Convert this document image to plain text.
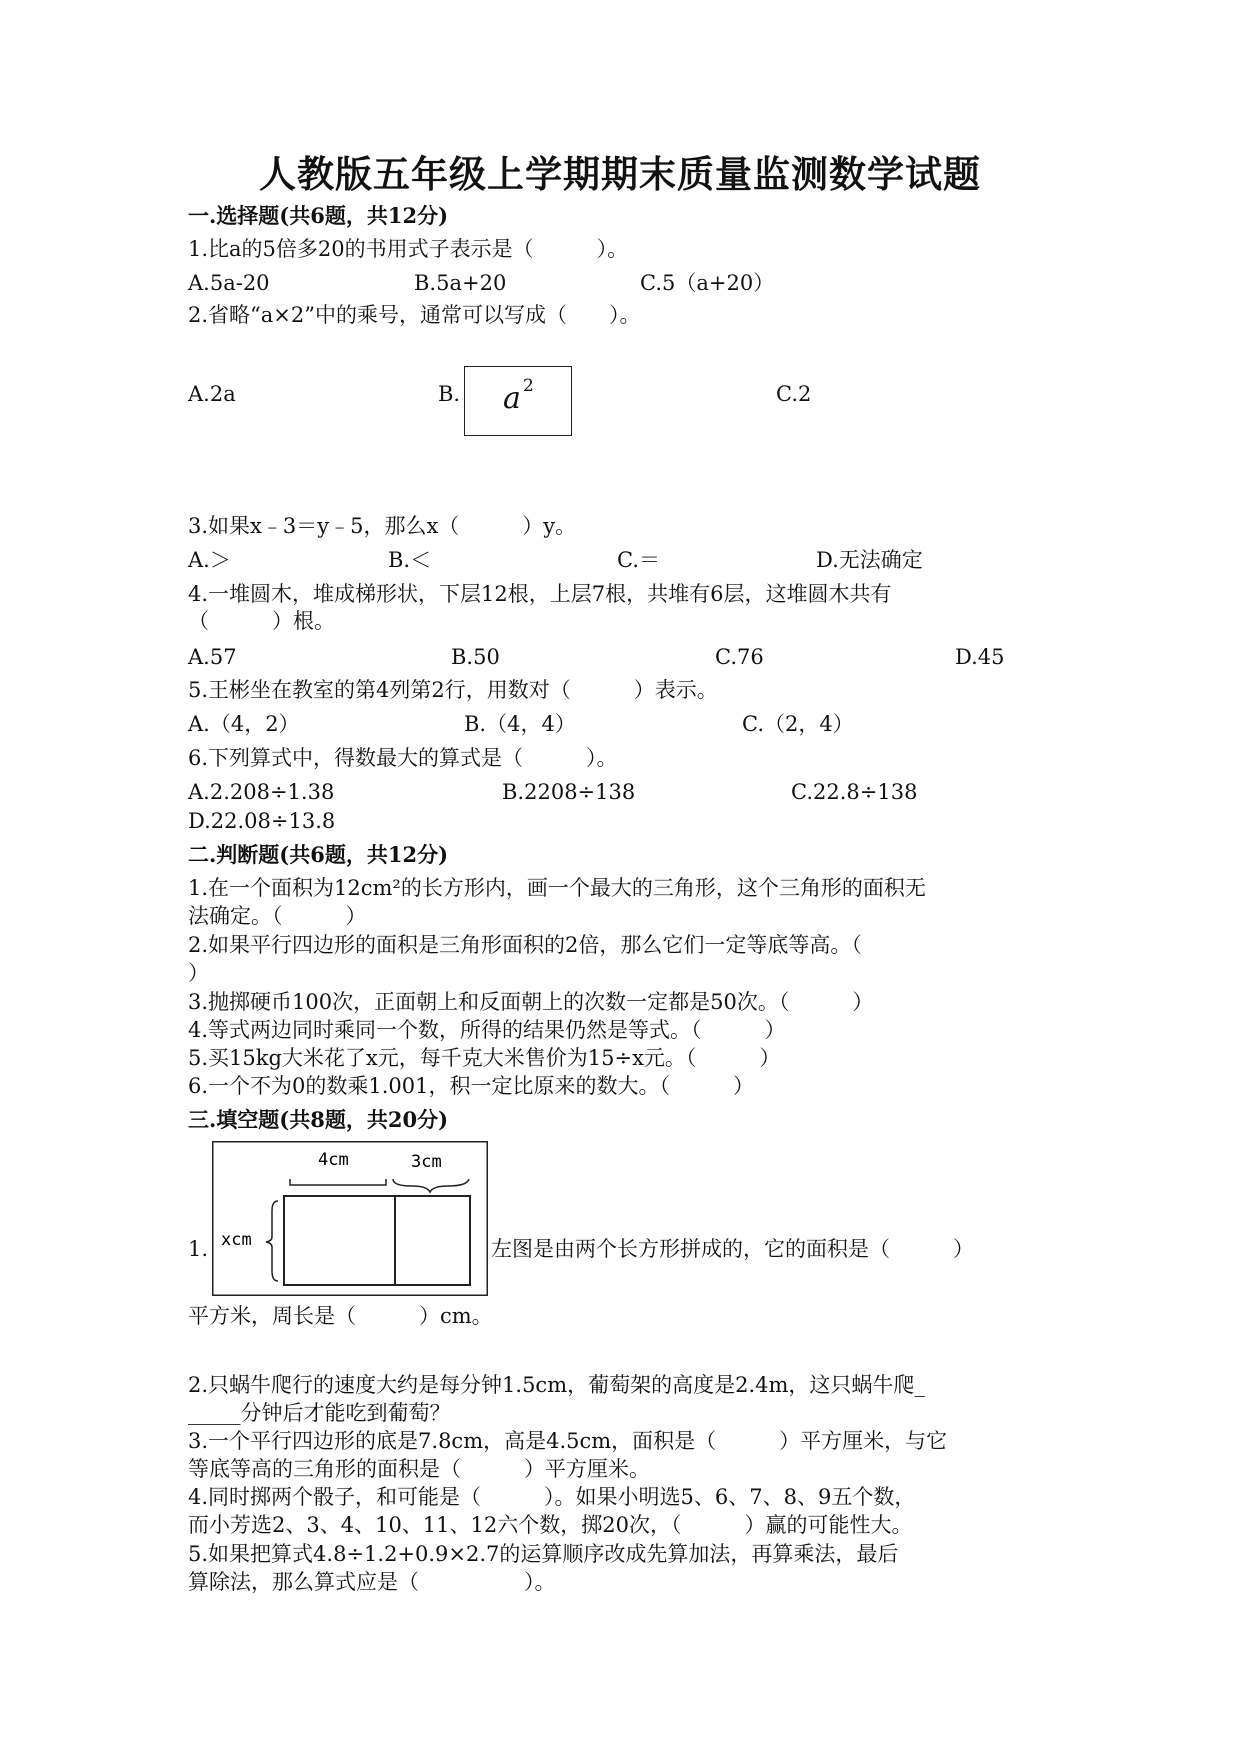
人教版五年级上学期期末质量监测数学试题
一.选择题(共6题，共12分)
1.比a的5倍多20的书用式子表示是（　　　）。
A.5a-20	B.5a+20	C.5（a+20）
2.省略“a×2”中的乘号，通常可以写成（　　）。
A.2a	B. a 2	C.2
3.如果x﹣3＝y﹣5，那么x（　　　）y。
A.＞	B.＜	C.＝	D.无法确定
4.一堆圆木，堆成梯形状，下层12根，上层7根，共堆有6层，这堆圆木共有
（　　　）根。
A.57	B.50	C.76	D.45
5.王彬坐在教室的第4列第2行，用数对（　　　）表示。
A.（4，2）	B.（4，4）	C.（2，4）
6.下列算式中，得数最大的算式是（　　　）。
A.2.208÷1.38	B.2208÷138	C.22.8÷138
D.22.08÷13.8
二.判断题(共6题，共12分)
1.在一个面积为12cm²的长方形内，画一个最大的三角形，这个三角形的面积无
法确定。（　　　）
2.如果平行四边形的面积是三角形面积的2倍，那么它们一定等底等高。（
）
3.抛掷硬币100次，正面朝上和反面朝上的次数一定都是50次。（　　　）
4.等式两边同时乘同一个数，所得的结果仍然是等式。（　　　）
5.买15kg大米花了x元，每千克大米售价为15÷x元。（　　　）
6.一个不为0的数乘1.001，积一定比原来的数大。（　　　）
三.填空题(共8题，共20分)
1.
4cm	3cm
xcm	左图是由两个长方形拼成的，它的面积是（　　　）
平方米，周长是（　　　）cm。
2.只蜗牛爬行的速度大约是每分钟1.5cm，葡萄架的高度是2.4m，这只蜗牛爬_
_____分钟后才能吃到葡萄？
3.一个平行四边形的底是7.8cm，高是4.5cm，面积是（　　　）平方厘米，与它
等底等高的三角形的面积是（　　　）平方厘米。
4.同时掷两个骰子，和可能是（　　　）。如果小明选5、6、7、8、9五个数，
而小芳选2、3、4、10、11、12六个数，掷20次，（　　　）赢的可能性大。
5.如果把算式4.8÷1.2+0.9×2.7的运算顺序改成先算加法，再算乘法，最后
算除法，那么算式应是（　　　　　）。
